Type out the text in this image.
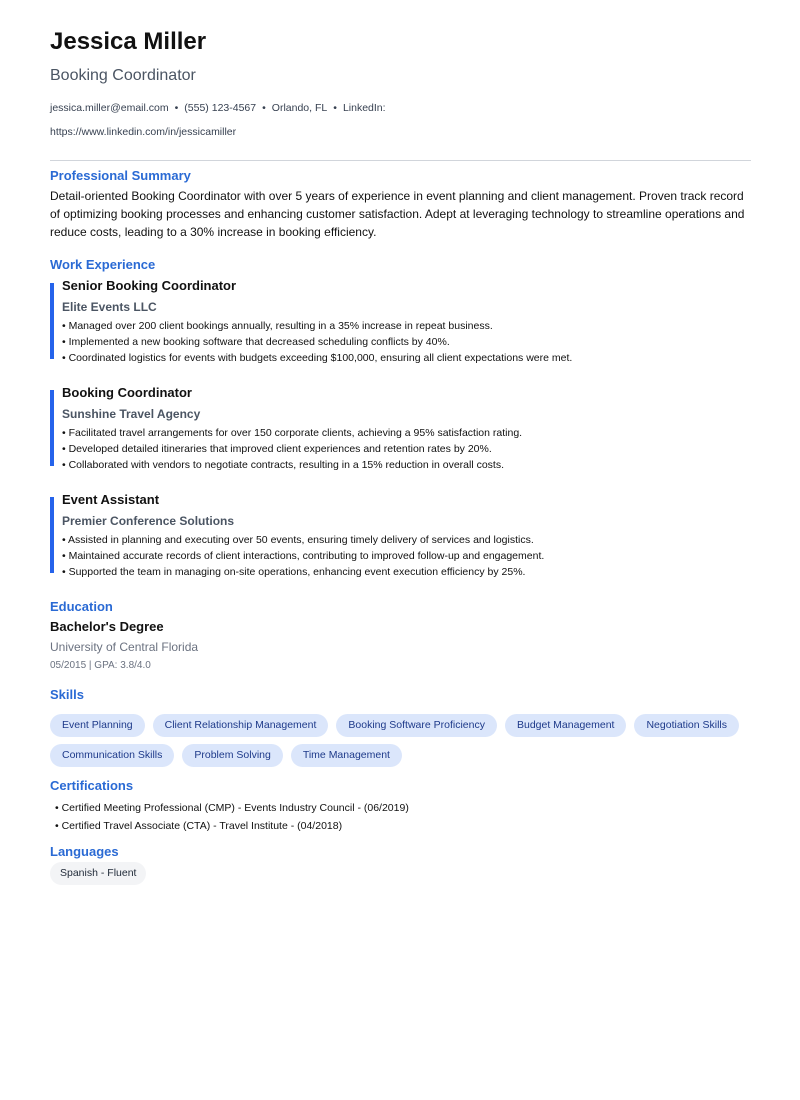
Jessica Miller
Booking Coordinator
jessica.miller@email.com • (555) 123-4567 • Orlando, FL • LinkedIn: https://www.linkedin.com/in/jessicamiller
Professional Summary
Detail-oriented Booking Coordinator with over 5 years of experience in event planning and client management. Proven track record of optimizing booking processes and enhancing customer satisfaction. Adept at leveraging technology to streamline operations and reduce costs, leading to a 30% increase in booking efficiency.
Work Experience
Senior Booking Coordinator
Elite Events LLC
• Managed over 200 client bookings annually, resulting in a 35% increase in repeat business.
• Implemented a new booking software that decreased scheduling conflicts by 40%.
• Coordinated logistics for events with budgets exceeding $100,000, ensuring all client expectations were met.
Booking Coordinator
Sunshine Travel Agency
• Facilitated travel arrangements for over 150 corporate clients, achieving a 95% satisfaction rating.
• Developed detailed itineraries that improved client experiences and retention rates by 20%.
• Collaborated with vendors to negotiate contracts, resulting in a 15% reduction in overall costs.
Event Assistant
Premier Conference Solutions
• Assisted in planning and executing over 50 events, ensuring timely delivery of services and logistics.
• Maintained accurate records of client interactions, contributing to improved follow-up and engagement.
• Supported the team in managing on-site operations, enhancing event execution efficiency by 25%.
Education
Bachelor's Degree
University of Central Florida
05/2015 | GPA: 3.8/4.0
Skills
Event Planning	Client Relationship Management	Booking Software Proficiency	Budget Management	Negotiation Skills
Communication Skills	Problem Solving	Time Management
Certifications
• Certified Meeting Professional (CMP) - Events Industry Council - (06/2019)
• Certified Travel Associate (CTA) - Travel Institute - (04/2018)
Languages
Spanish - Fluent
